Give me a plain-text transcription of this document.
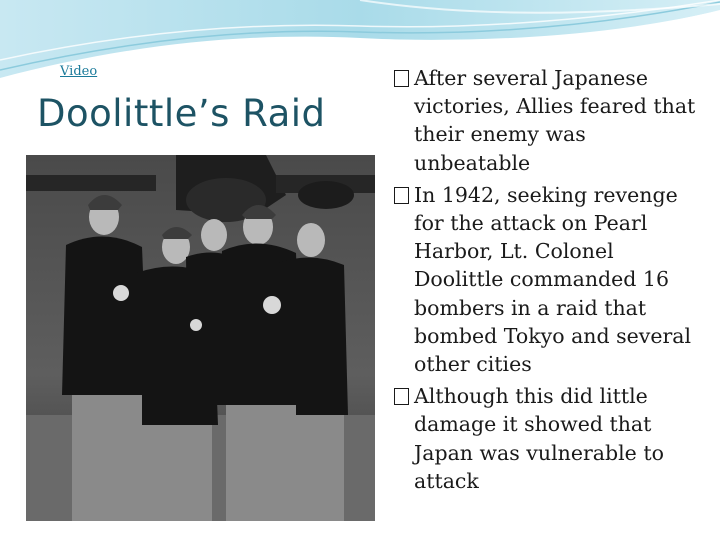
Video
Doolittle’s Raid
After several Japanese victories, Allies feared that their enemy was unbeatable
In 1942, seeking revenge for the attack on Pearl Harbor, Lt. Colonel Doolittle commanded 16 bombers in a raid that bombed Tokyo and several other cities
Although this did little damage it showed that Japan was vulnerable to attack
